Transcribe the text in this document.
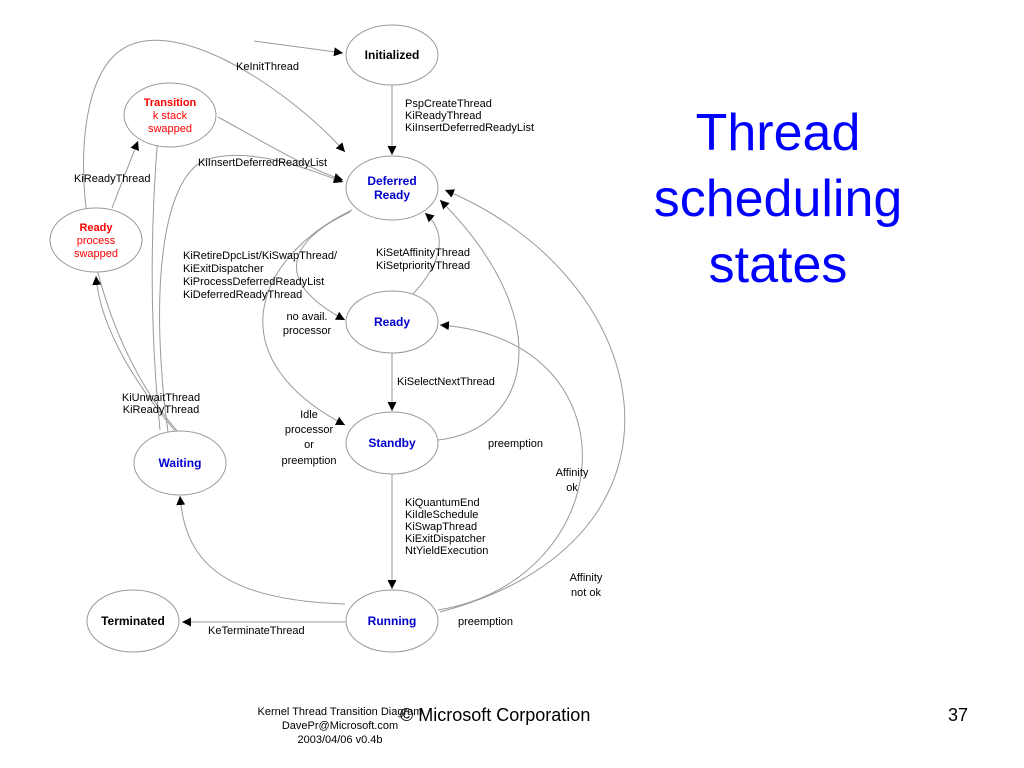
Initialized
Deferred Ready
Ready
Standby
Running
Terminated
Waiting
Transition k stack swapped
Ready process swapped
KeInitThread
PspCreateThread KiReadyThread KiInsertDeferredReadyList
KiInsertDeferredReadyList
KiReadyThread
KiRetireDpcList/KiSwapThread/ KiExitDispatcher KiProcessDeferredReadyList KiDeferredReadyThread
KiSetAffinityThread KiSetpriorityThread
no avail. processor
KiSelectNextThread
KiUnwaitThread KiReadyThread	Idle processor or preemption
preemption
Affinity ok
KiQuantumEnd KiIdleSchedule KiSwapThread KiExitDispatcher NtYieldExecution
Affinity not ok
preemption
KeTerminateThread
Thread
scheduling
states
Kernel Thread Transition Diagram
DavePr@Microsoft.com
2003/04/06 v0.4b
© Microsoft Corporation	37
